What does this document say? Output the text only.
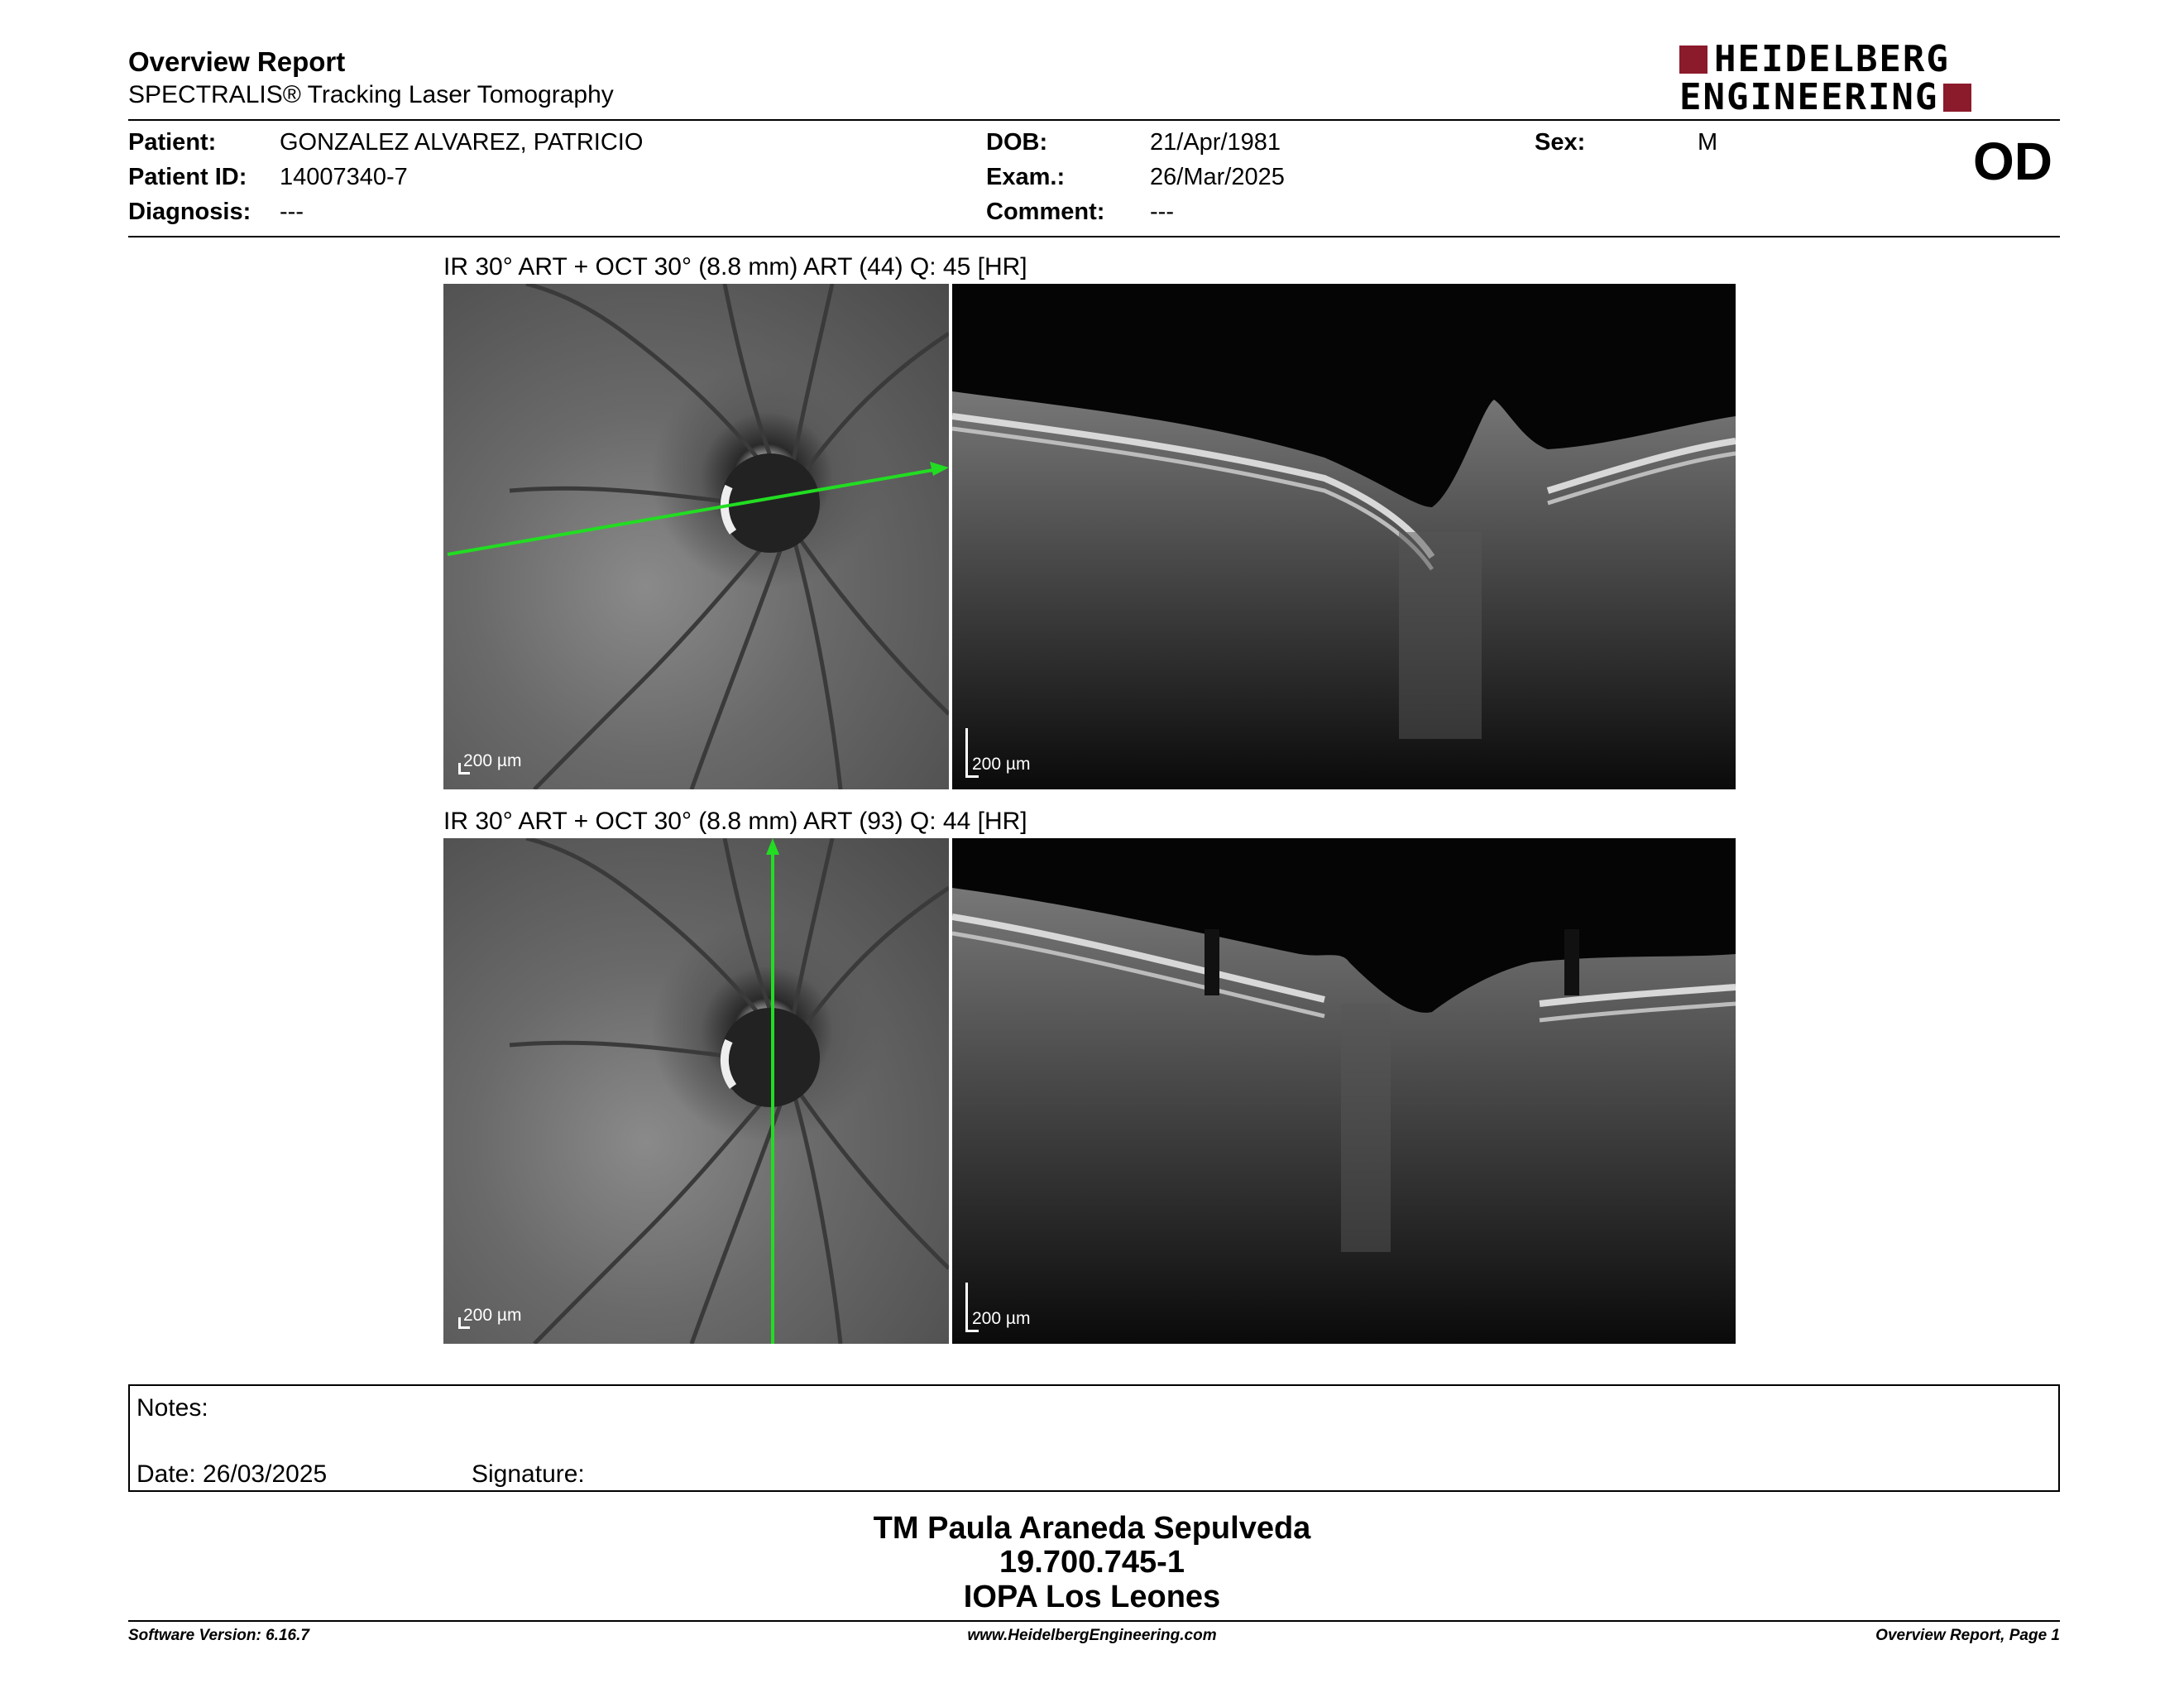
Overview Report
SPECTRALIS® Tracking Laser Tomography
HEIDELBERG
ENGINEERING
Patient:	GONZALEZ ALVAREZ, PATRICIO
Patient ID: 14007340-7
Diagnosis: ---
DOB:	21/Apr/1981
Exam.:	26/Mar/2025
Comment: ---
Sex:	M	OD
IR 30° ART + OCT 30° (8.8 mm) ART (44) Q: 45 [HR]
200 µm	200 µm
IR 30° ART + OCT 30° (8.8 mm) ART (93) Q: 44 [HR]
200 µm	200 µm
Notes:
Date: 26/03/2025	Signature:
TM Paula Araneda Sepulveda
19.700.745-1
IOPA Los Leones
Software Version: 6.16.7	www.HeidelbergEngineering.com	Overview Report, Page 1
